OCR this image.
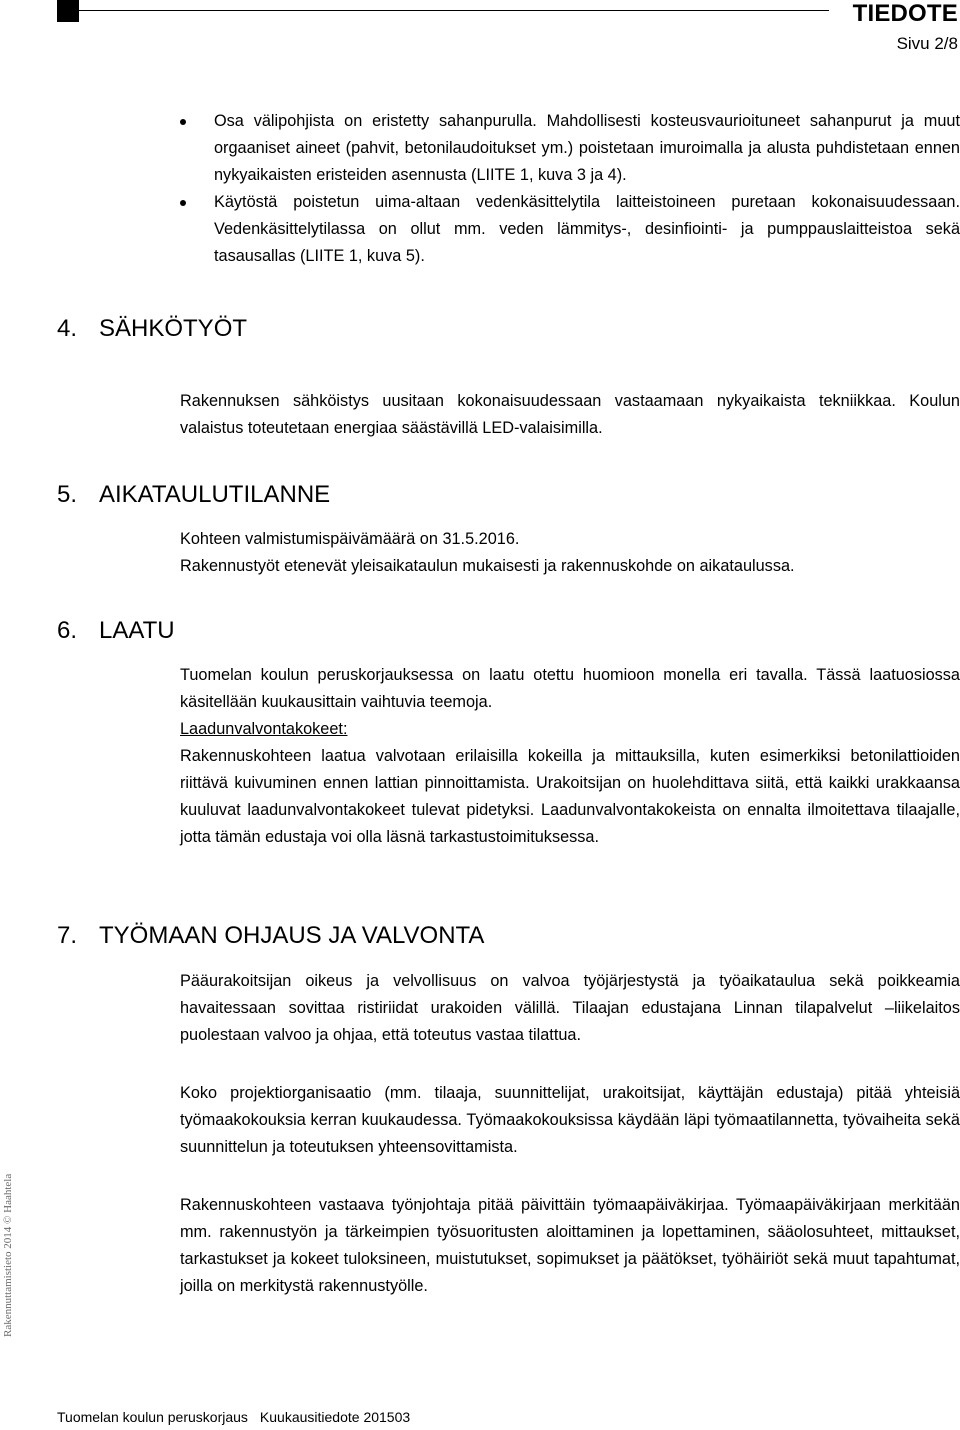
TIEDOTE
Sivu 2/8
Osa välipohjista on eristetty sahanpurulla. Mahdollisesti kosteusvaurioituneet sahanpurut ja muut orgaaniset aineet (pahvit, betonilaudoitukset ym.) poistetaan imuroimalla ja alusta puhdistetaan ennen nykyaikaisten eristeiden asennusta (LIITE 1, kuva 3 ja 4).
Käytöstä poistetun uima-altaan vedenkäsittelytila laitteistoineen puretaan kokonaisuudessaan. Vedenkäsittelytilassa on ollut mm. veden lämmitys-, desinfiointi- ja pumppauslaitteistoa sekä tasausallas (LIITE 1, kuva 5).
4. SÄHKÖTYÖT

Rakennuksen sähköistys uusitaan kokonaisuudessaan vastaamaan nykyaikaista tekniikkaa. Koulun valaistus toteutetaan energiaa säästävillä LED-valaisimilla.

5. AIKATAULUTILANNE

Kohteen valmistumispäivämäärä on 31.5.2016.

Rakennustyöt etenevät yleisaikataulun mukaisesti ja rakennuskohde on aikataulussa.

6. LAATU

Tuomelan koulun peruskorjauksessa on laatu otettu huomioon monella eri tavalla. Tässä laatuosiossa käsitellään kuukausittain vaihtuvia teemoja.

Laadunvalvontakokeet:

Rakennuskohteen laatua valvotaan erilaisilla kokeilla ja mittauksilla, kuten esimerkiksi betonilattioiden riittävä kuivuminen ennen lattian pinnoittamista. Urakoitsijan on huolehdittava siitä, että kaikki urakkaansa kuuluvat laadunvalvontakokeet tulevat pidetyksi. Laadunvalvontakokeista on ennalta ilmoitettava tilaajalle, jotta tämän edustaja voi olla läsnä tarkastustoimituksessa.

7. TYÖMAAN OHJAUS JA VALVONTA

Pääurakoitsijan oikeus ja velvollisuus on valvoa työjärjestystä ja työaikataulua sekä poikkeamia havaitessaan sovittaa ristiriidat urakoiden välillä. Tilaajan edustajana Linnan tilapalvelut –liikelaitos puolestaan valvoo ja ohjaa, että toteutus vastaa tilattua.

Koko projektiorganisaatio (mm. tilaaja, suunnittelijat, urakoitsijat, käyttäjän edustaja) pitää yhteisiä työmaakokouksia kerran kuukaudessa. Työmaakokouksissa käydään läpi työmaatilannetta, työvaiheita sekä suunnittelun ja toteutuksen yhteensovittamista.

Rakennuskohteen vastaava työnjohtaja pitää päivittäin työmaapäiväkirjaa. Työmaapäiväkirjaan merkitään mm. rakennustyön ja tärkeimpien työsuoritusten aloittaminen ja lopettaminen, sääolosuhteet, mittaukset, tarkastukset ja kokeet tuloksineen, muistutukset, sopimukset ja päätökset, työhäiriöt sekä muut tapahtumat, joilla on merkitystä rakennustyölle.

Rakennuttamistieto 2014 © Haahtela
Tuomelan koulun peruskorjaus Kuukausitiedote 201503
